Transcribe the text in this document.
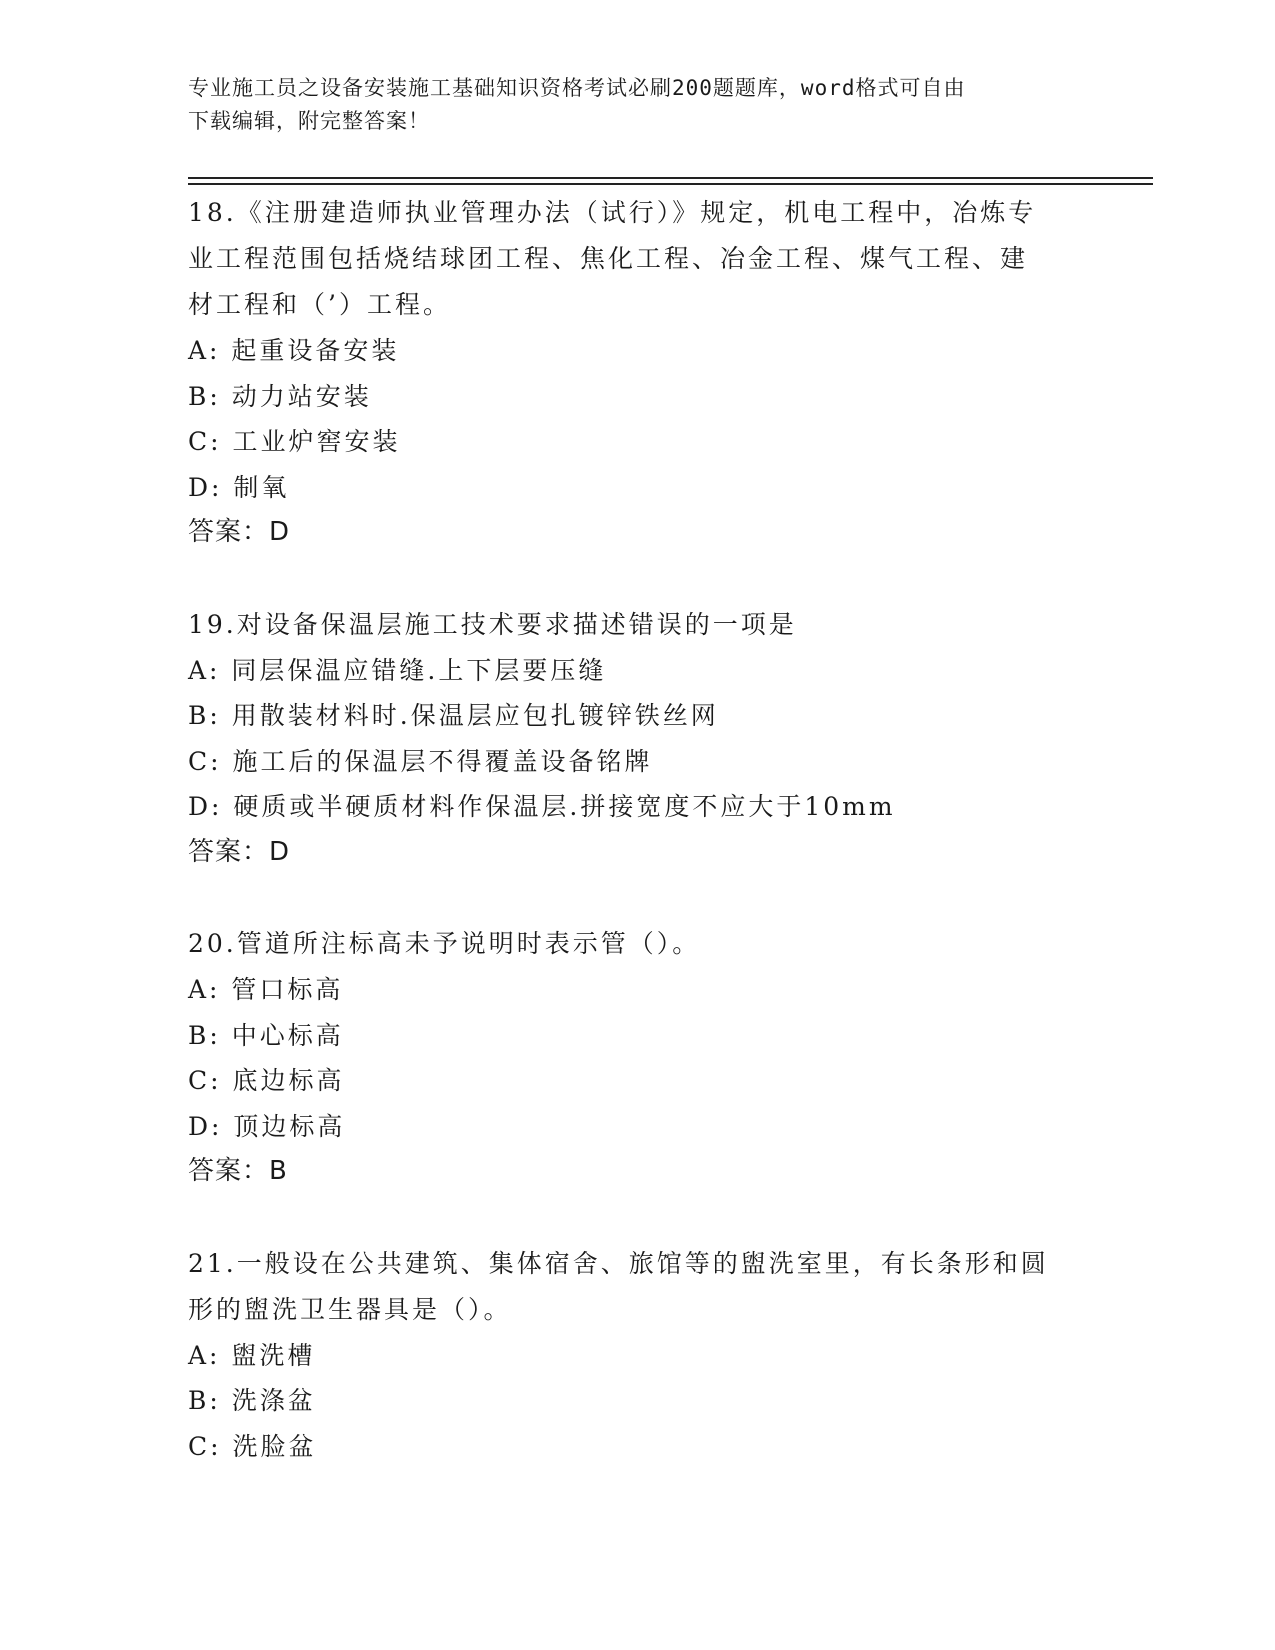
专业施工员之设备安装施工基础知识资格考试必刷200题题库，word格式可自由
下载编辑，附完整答案！
18.《注册建造师执业管理办法（试行）》规定，机电工程中，冶炼专
业工程范围包括烧结球团工程、焦化工程、冶金工程、煤气工程、建
材工程和（’）工程。
A: 起重设备安装
B: 动力站安装
C: 工业炉窖安装
D: 制氧
答案：D
19.对设备保温层施工技术要求描述错误的一项是
A: 同层保温应错缝.上下层要压缝
B: 用散装材料时.保温层应包扎镀锌铁丝网
C: 施工后的保温层不得覆盖设备铭牌
D: 硬质或半硬质材料作保温层.拼接宽度不应大于10mm
答案：D
20.管道所注标高未予说明时表示管（）。
A: 管口标高
B: 中心标高
C: 底边标高
D: 顶边标高
答案：B
21.一般设在公共建筑、集体宿舍、旅馆等的盥洗室里，有长条形和圆
形的盥洗卫生器具是（）。
A: 盥洗槽
B: 洗涤盆
C: 洗脸盆
